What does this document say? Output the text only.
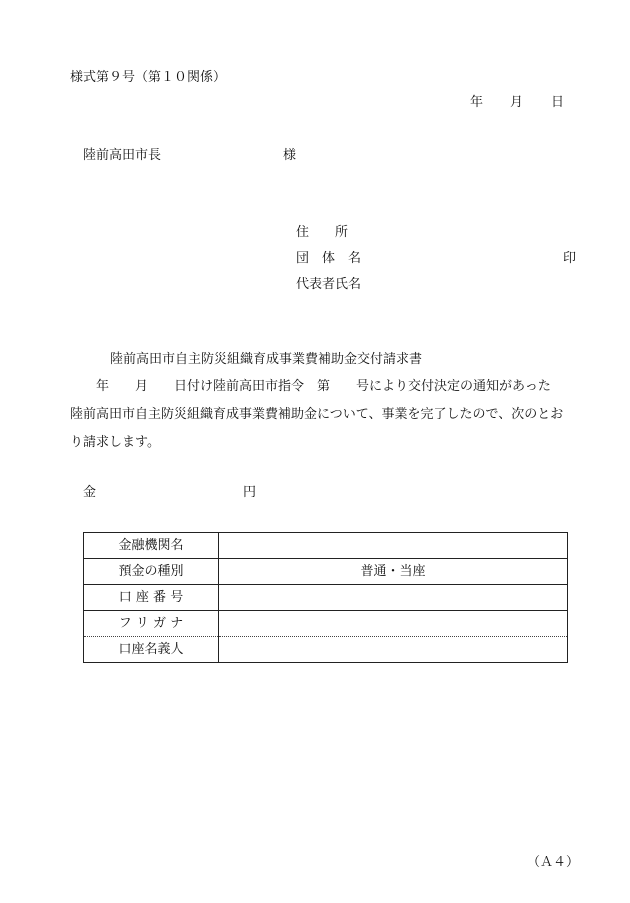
様式第９号（第１０関係）
年 月 日
陸前高田市長	様
住　　所
団　体　名	印
代表者氏名
陸前高田市自主防災組織育成事業費補助金交付請求書
　　年　　月　　日付け陸前高田市指令　第　　号により交付決定の通知があった
陸前高田市自主防災組織育成事業費補助金について、事業を完了したので、次のとお
り請求します。
金	円
金融機関名	
預金の種別	普通・当座
口 座 番 号	
フ リ ガ ナ	
口座名義人	
（Ａ４）
